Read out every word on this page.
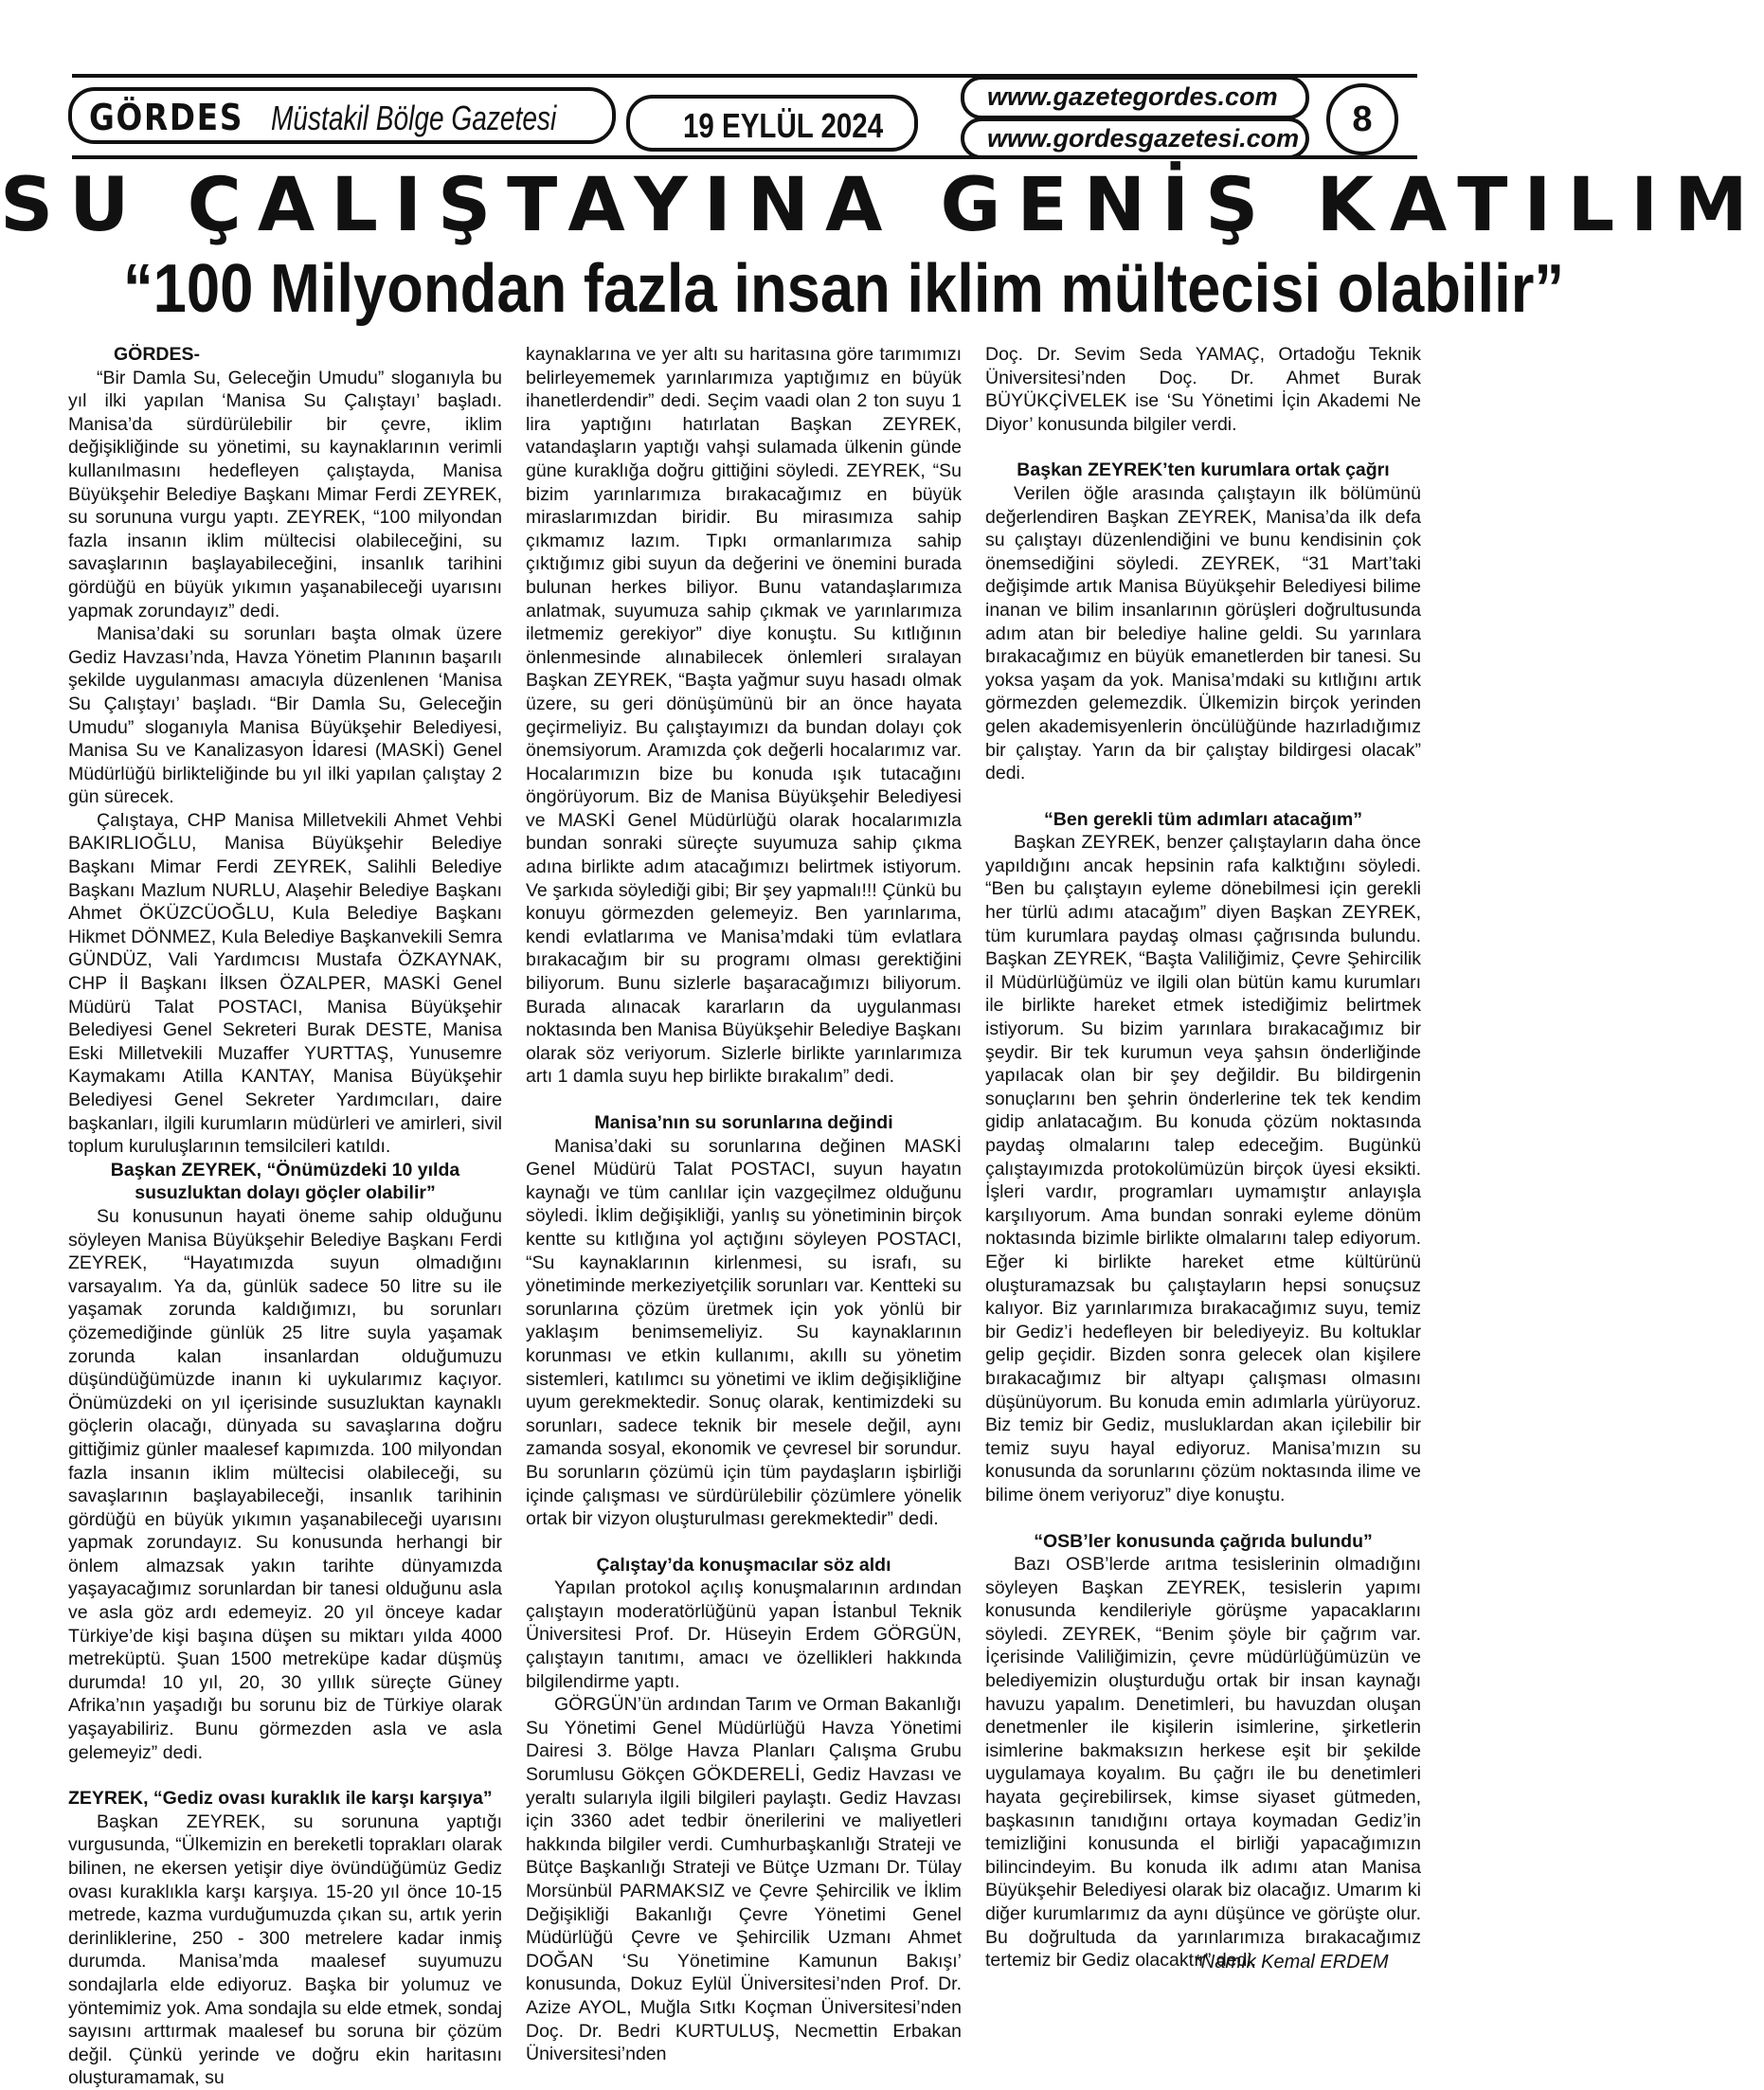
GÖRDES Müstakil Bölge Gazetesi	19 EYLÜL 2024
www.gazetegordes.com
www.gordesgazetesi.com	8
SU ÇALIŞTAYINA GENİŞ KATILIM
“100 Milyondan fazla insan iklim mültecisi olabilir”
GÖRDES-

“Bir Damla Su, Geleceğin Umudu” sloganıyla bu yıl ilki yapılan ‘Manisa Su Çalıştayı’ başladı. Manisa’da sürdürülebilir bir çevre, iklim değişikliğinde su yönetimi, su kaynaklarının verimli kullanılmasını hedefleyen çalıştayda, Manisa Büyükşehir Belediye Başkanı Mimar Ferdi ZEYREK, su sorununa vurgu yaptı. ZEYREK, “100 milyondan fazla insanın iklim mültecisi olabileceğini, su savaşlarının başlayabileceğini, insanlık tarihini gördüğü en büyük yıkımın yaşanabileceği uyarısını yapmak zorundayız” dedi.

Manisa’daki su sorunları başta olmak üzere Gediz Havzası’nda, Havza Yönetim Planının başarılı şekilde uygulanması amacıyla düzenlenen ‘Manisa Su Çalıştayı’ başladı. “Bir Damla Su, Geleceğin Umudu” sloganıyla Manisa Büyükşehir Belediyesi, Manisa Su ve Kanalizasyon İdaresi (MASKİ) Genel Müdürlüğü birlikteliğinde bu yıl ilki yapılan çalıştay 2 gün sürecek.

Çalıştaya, CHP Manisa Milletvekili Ahmet Vehbi BAKIRLIOĞLU, Manisa Büyükşehir Belediye Başkanı Mimar Ferdi ZEYREK, Salihli Belediye Başkanı Mazlum NURLU, Alaşehir Belediye Başkanı Ahmet ÖKÜZCÜOĞLU, Kula Belediye Başkanı Hikmet DÖNMEZ, Kula Belediye Başkanvekili Semra GÜNDÜZ, Vali Yardımcısı Mustafa ÖZKAYNAK, CHP İl Başkanı İlksen ÖZALPER, MASKİ Genel Müdürü Talat POSTACI, Manisa Büyükşehir Belediyesi Genel Sekreteri Burak DESTE, Manisa Eski Milletvekili Muzaffer YURTTAŞ, Yunusemre Kaymakamı Atilla KANTAY, Manisa Büyükşehir Belediyesi Genel Sekreter Yardımcıları, daire başkanları, ilgili kurumların müdürleri ve amirleri, sivil toplum kuruluşlarının temsilcileri katıldı.

Başkan ZEYREK, “Önümüzdeki 10 yılda susuzluktan dolayı göçler olabilir”

Su konusunun hayati öneme sahip olduğunu söyleyen Manisa Büyükşehir Belediye Başkanı Ferdi ZEYREK, “Hayatımızda suyun olmadığını varsayalım. Ya da, günlük sadece 50 litre su ile yaşamak zorunda kaldığımızı, bu sorunları çözemediğinde günlük 25 litre suyla yaşamak zorunda kalan insanlardan olduğumuzu düşündüğümüzde inanın ki uykularımız kaçıyor. Önümüzdeki on yıl içerisinde susuzluktan kaynaklı göçlerin olacağı, dünyada su savaşlarına doğru gittiğimiz günler maalesef kapımızda. 100 milyondan fazla insanın iklim mültecisi olabileceği, su savaşlarının başlayabileceği, insanlık tarihinin gördüğü en büyük yıkımın yaşanabileceği uyarısını yapmak zorundayız. Su konusunda herhangi bir önlem almazsak yakın tarihte dünyamızda yaşayacağımız sorunlardan bir tanesi olduğunu asla ve asla göz ardı edemeyiz. 20 yıl önceye kadar Türkiye’de kişi başına düşen su miktarı yılda 4000 metreküptü. Şuan 1500 metreküpe kadar düşmüş durumda! 10 yıl, 20, 30 yıllık süreçte Güney Afrika’nın yaşadığı bu sorunu biz de Türkiye olarak yaşayabiliriz. Bunu görmezden asla ve asla gelemeyiz” dedi.

ZEYREK, “Gediz ovası kuraklık ile karşı karşıya”

Başkan ZEYREK, su sorununa yaptığı vurgusunda, “Ülkemizin en bereketli toprakları olarak bilinen, ne ekersen yetişir diye övündüğümüz Gediz ovası kuraklıkla karşı karşıya. 15-20 yıl önce 10-15 metrede, kazma vurduğumuzda çıkan su, artık yerin derinliklerine, 250 - 300 metrelere kadar inmiş durumda. Manisa’mda maalesef suyumuzu sondajlarla elde ediyoruz. Başka bir yolumuz ve yöntemimiz yok. Ama sondajla su elde etmek, sondaj sayısını arttırmak maalesef bu soruna bir çözüm değil. Çünkü yerinde ve doğru ekin haritasını oluşturamamak, su

kaynaklarına ve yer altı su haritasına göre tarımımızı belirleyememek yarınlarımıza yaptığımız en büyük ihanetlerdendir” dedi. Seçim vaadi olan 2 ton suyu 1 lira yaptığını hatırlatan Başkan ZEYREK, vatandaşların yaptığı vahşi sulamada ülkenin günde güne kuraklığa doğru gittiğini söyledi. ZEYREK, “Su bizim yarınlarımıza bırakacağımız en büyük miraslarımızdan biridir. Bu mirasımıza sahip çıkmamız lazım. Tıpkı ormanlarımıza sahip çıktığımız gibi suyun da değerini ve önemini burada bulunan herkes biliyor. Bunu vatandaşlarımıza anlatmak, suyumuza sahip çıkmak ve yarınlarımıza iletmemiz gerekiyor” diye konuştu. Su kıtlığının önlenmesinde alınabilecek önlemleri sıralayan Başkan ZEYREK, “Başta yağmur suyu hasadı olmak üzere, su geri dönüşümünü bir an önce hayata geçirmeliyiz. Bu çalıştayımızı da bundan dolayı çok önemsiyorum. Aramızda çok değerli hocalarımız var. Hocalarımızın bize bu konuda ışık tutacağını öngörüyorum. Biz de Manisa Büyükşehir Belediyesi ve MASKİ Genel Müdürlüğü olarak hocalarımızla bundan sonraki süreçte suyumuza sahip çıkma adına birlikte adım atacağımızı belirtmek istiyorum. Ve şarkıda söylediği gibi; Bir şey yapmalı!!! Çünkü bu konuyu görmezden gelemeyiz. Ben yarınlarıma, kendi evlatlarıma ve Manisa’mdaki tüm evlatlara bırakacağım bir su programı olması gerektiğini biliyorum. Bunu sizlerle başaracağımızı biliyorum. Burada alınacak kararların da uygulanması noktasında ben Manisa Büyükşehir Belediye Başkanı olarak söz veriyorum. Sizlerle birlikte yarınlarımıza artı 1 damla suyu hep birlikte bırakalım” dedi.

Manisa’nın su sorunlarına değindi

Manisa’daki su sorunlarına değinen MASKİ Genel Müdürü Talat POSTACI, suyun hayatın kaynağı ve tüm canlılar için vazgeçilmez olduğunu söyledi. İklim değişikliği, yanlış su yönetiminin birçok kentte su kıtlığına yol açtığını söyleyen POSTACI, “Su kaynaklarının kirlenmesi, su israfı, su yönetiminde merkeziyetçilik sorunları var. Kentteki su sorunlarına çözüm üretmek için yok yönlü bir yaklaşım benimsemeliyiz. Su kaynaklarının korunması ve etkin kullanımı, akıllı su yönetim sistemleri, katılımcı su yönetimi ve iklim değişikliğine uyum gerekmektedir. Sonuç olarak, kentimizdeki su sorunları, sadece teknik bir mesele değil, aynı zamanda sosyal, ekonomik ve çevresel bir sorundur. Bu sorunların çözümü için tüm paydaşların işbirliği içinde çalışması ve sürdürülebilir çözümlere yönelik ortak bir vizyon oluşturulması gerekmektedir” dedi.

Çalıştay’da konuşmacılar söz aldı

Yapılan protokol açılış konuşmalarının ardından çalıştayın moderatörlüğünü yapan İstanbul Teknik Üniversitesi Prof. Dr. Hüseyin Erdem GÖRGÜN, çalıştayın tanıtımı, amacı ve özellikleri hakkında bilgilendirme yaptı.

GÖRGÜN’ün ardından Tarım ve Orman Bakanlığı Su Yönetimi Genel Müdürlüğü Havza Yönetimi Dairesi 3. Bölge Havza Planları Çalışma Grubu Sorumlusu Gökçen GÖKDERELİ, Gediz Havzası ve yeraltı sularıyla ilgili bilgileri paylaştı. Gediz Havzası için 3360 adet tedbir önerilerini ve maliyetleri hakkında bilgiler verdi. Cumhurbaşkanlığı Strateji ve Bütçe Başkanlığı Strateji ve Bütçe Uzmanı Dr. Tülay Morsünbül PARMAKSIZ ve Çevre Şehircilik ve İklim Değişikliği Bakanlığı Çevre Yönetimi Genel Müdürlüğü Çevre ve Şehircilik Uzmanı Ahmet DOĞAN ‘Su Yönetimine Kamunun Bakışı’ konusunda, Dokuz Eylül Üniversitesi’nden Prof. Dr. Azize AYOL, Muğla Sıtkı Koçman Üniversitesi’nden Doç. Dr. Bedri KURTULUŞ, Necmettin Erbakan Üniversitesi’nden

Doç. Dr. Sevim Seda YAMAÇ, Ortadoğu Teknik Üniversitesi’nden Doç. Dr. Ahmet Burak BÜYÜKÇİVELEK ise ‘Su Yönetimi İçin Akademi Ne Diyor’ konusunda bilgiler verdi.

Başkan ZEYREK’ten kurumlara ortak çağrı

Verilen öğle arasında çalıştayın ilk bölümünü değerlendiren Başkan ZEYREK, Manisa’da ilk defa su çalıştayı düzenlendiğini ve bunu kendisinin çok önemsediğini söyledi. ZEYREK, “31 Mart’taki değişimde artık Manisa Büyükşehir Belediyesi bilime inanan ve bilim insanlarının görüşleri doğrultusunda adım atan bir belediye haline geldi. Su yarınlara bırakacağımız en büyük emanetlerden bir tanesi. Su yoksa yaşam da yok. Manisa’mdaki su kıtlığını artık görmezden gelemezdik. Ülkemizin birçok yerinden gelen akademisyenlerin öncülüğünde hazırladığımız bir çalıştay. Yarın da bir çalıştay bildirgesi olacak” dedi.

“Ben gerekli tüm adımları atacağım”

Başkan ZEYREK, benzer çalıştayların daha önce yapıldığını ancak hepsinin rafa kalktığını söyledi. “Ben bu çalıştayın eyleme dönebilmesi için gerekli her türlü adımı atacağım” diyen Başkan ZEYREK, tüm kurumlara paydaş olması çağrısında bulundu. Başkan ZEYREK, “Başta Valiliğimiz, Çevre Şehircilik il Müdürlüğümüz ve ilgili olan bütün kamu kurumları ile birlikte hareket etmek istediğimiz belirtmek istiyorum. Su bizim yarınlara bırakacağımız bir şeydir. Bir tek kurumun veya şahsın önderliğinde yapılacak olan bir şey değildir. Bu bildirgenin sonuçlarını ben şehrin önderlerine tek tek kendim gidip anlatacağım. Bu konuda çözüm noktasında paydaş olmalarını talep edeceğim. Bugünkü çalıştayımızda protokolümüzün birçok üyesi eksikti. İşleri vardır, programları uymamıştır anlayışla karşılıyorum. Ama bundan sonraki eyleme dönüm noktasında bizimle birlikte olmalarını talep ediyorum. Eğer ki birlikte hareket etme kültürünü oluşturamazsak bu çalıştayların hepsi sonuçsuz kalıyor. Biz yarınlarımıza bırakacağımız suyu, temiz bir Gediz’i hedefleyen bir belediyeyiz. Bu koltuklar gelip geçidir. Bizden sonra gelecek olan kişilere bırakacağımız bir altyapı çalışması olmasını düşünüyorum. Bu konuda emin adımlarla yürüyoruz. Biz temiz bir Gediz, musluklardan akan içilebilir bir temiz suyu hayal ediyoruz. Manisa’mızın su konusunda da sorunlarını çözüm noktasında ilime ve bilime önem veriyoruz” diye konuştu.

“OSB’ler konusunda çağrıda bulundu”

Bazı OSB’lerde arıtma tesislerinin olmadığını söyleyen Başkan ZEYREK, tesislerin yapımı konusunda kendileriyle görüşme yapacaklarını söyledi. ZEYREK, “Benim şöyle bir çağrım var. İçerisinde Valiliğimizin, çevre müdürlüğümüzün ve belediyemizin oluşturduğu ortak bir insan kaynağı havuzu yapalım. Denetimleri, bu havuzdan oluşan denetmenler ile kişilerin isimlerine, şirketlerin isimlerine bakmaksızın herkese eşit bir şekilde uygulamaya koyalım. Bu çağrı ile bu denetimleri hayata geçirebilirsek, kimse siyaset gütmeden, başkasının tanıdığını ortaya koymadan Gediz’in temizliğini konusunda el birliği yapacağımızın bilincindeyim. Bu konuda ilk adımı atan Manisa Büyükşehir Belediyesi olarak biz olacağız. Umarım ki diğer kurumlarımız da aynı düşünce ve görüşte olur. Bu doğrultuda da yarınlarımıza bırakacağımız tertemiz bir Gediz olacaktır” dedi.

*Namık Kemal ERDEM
